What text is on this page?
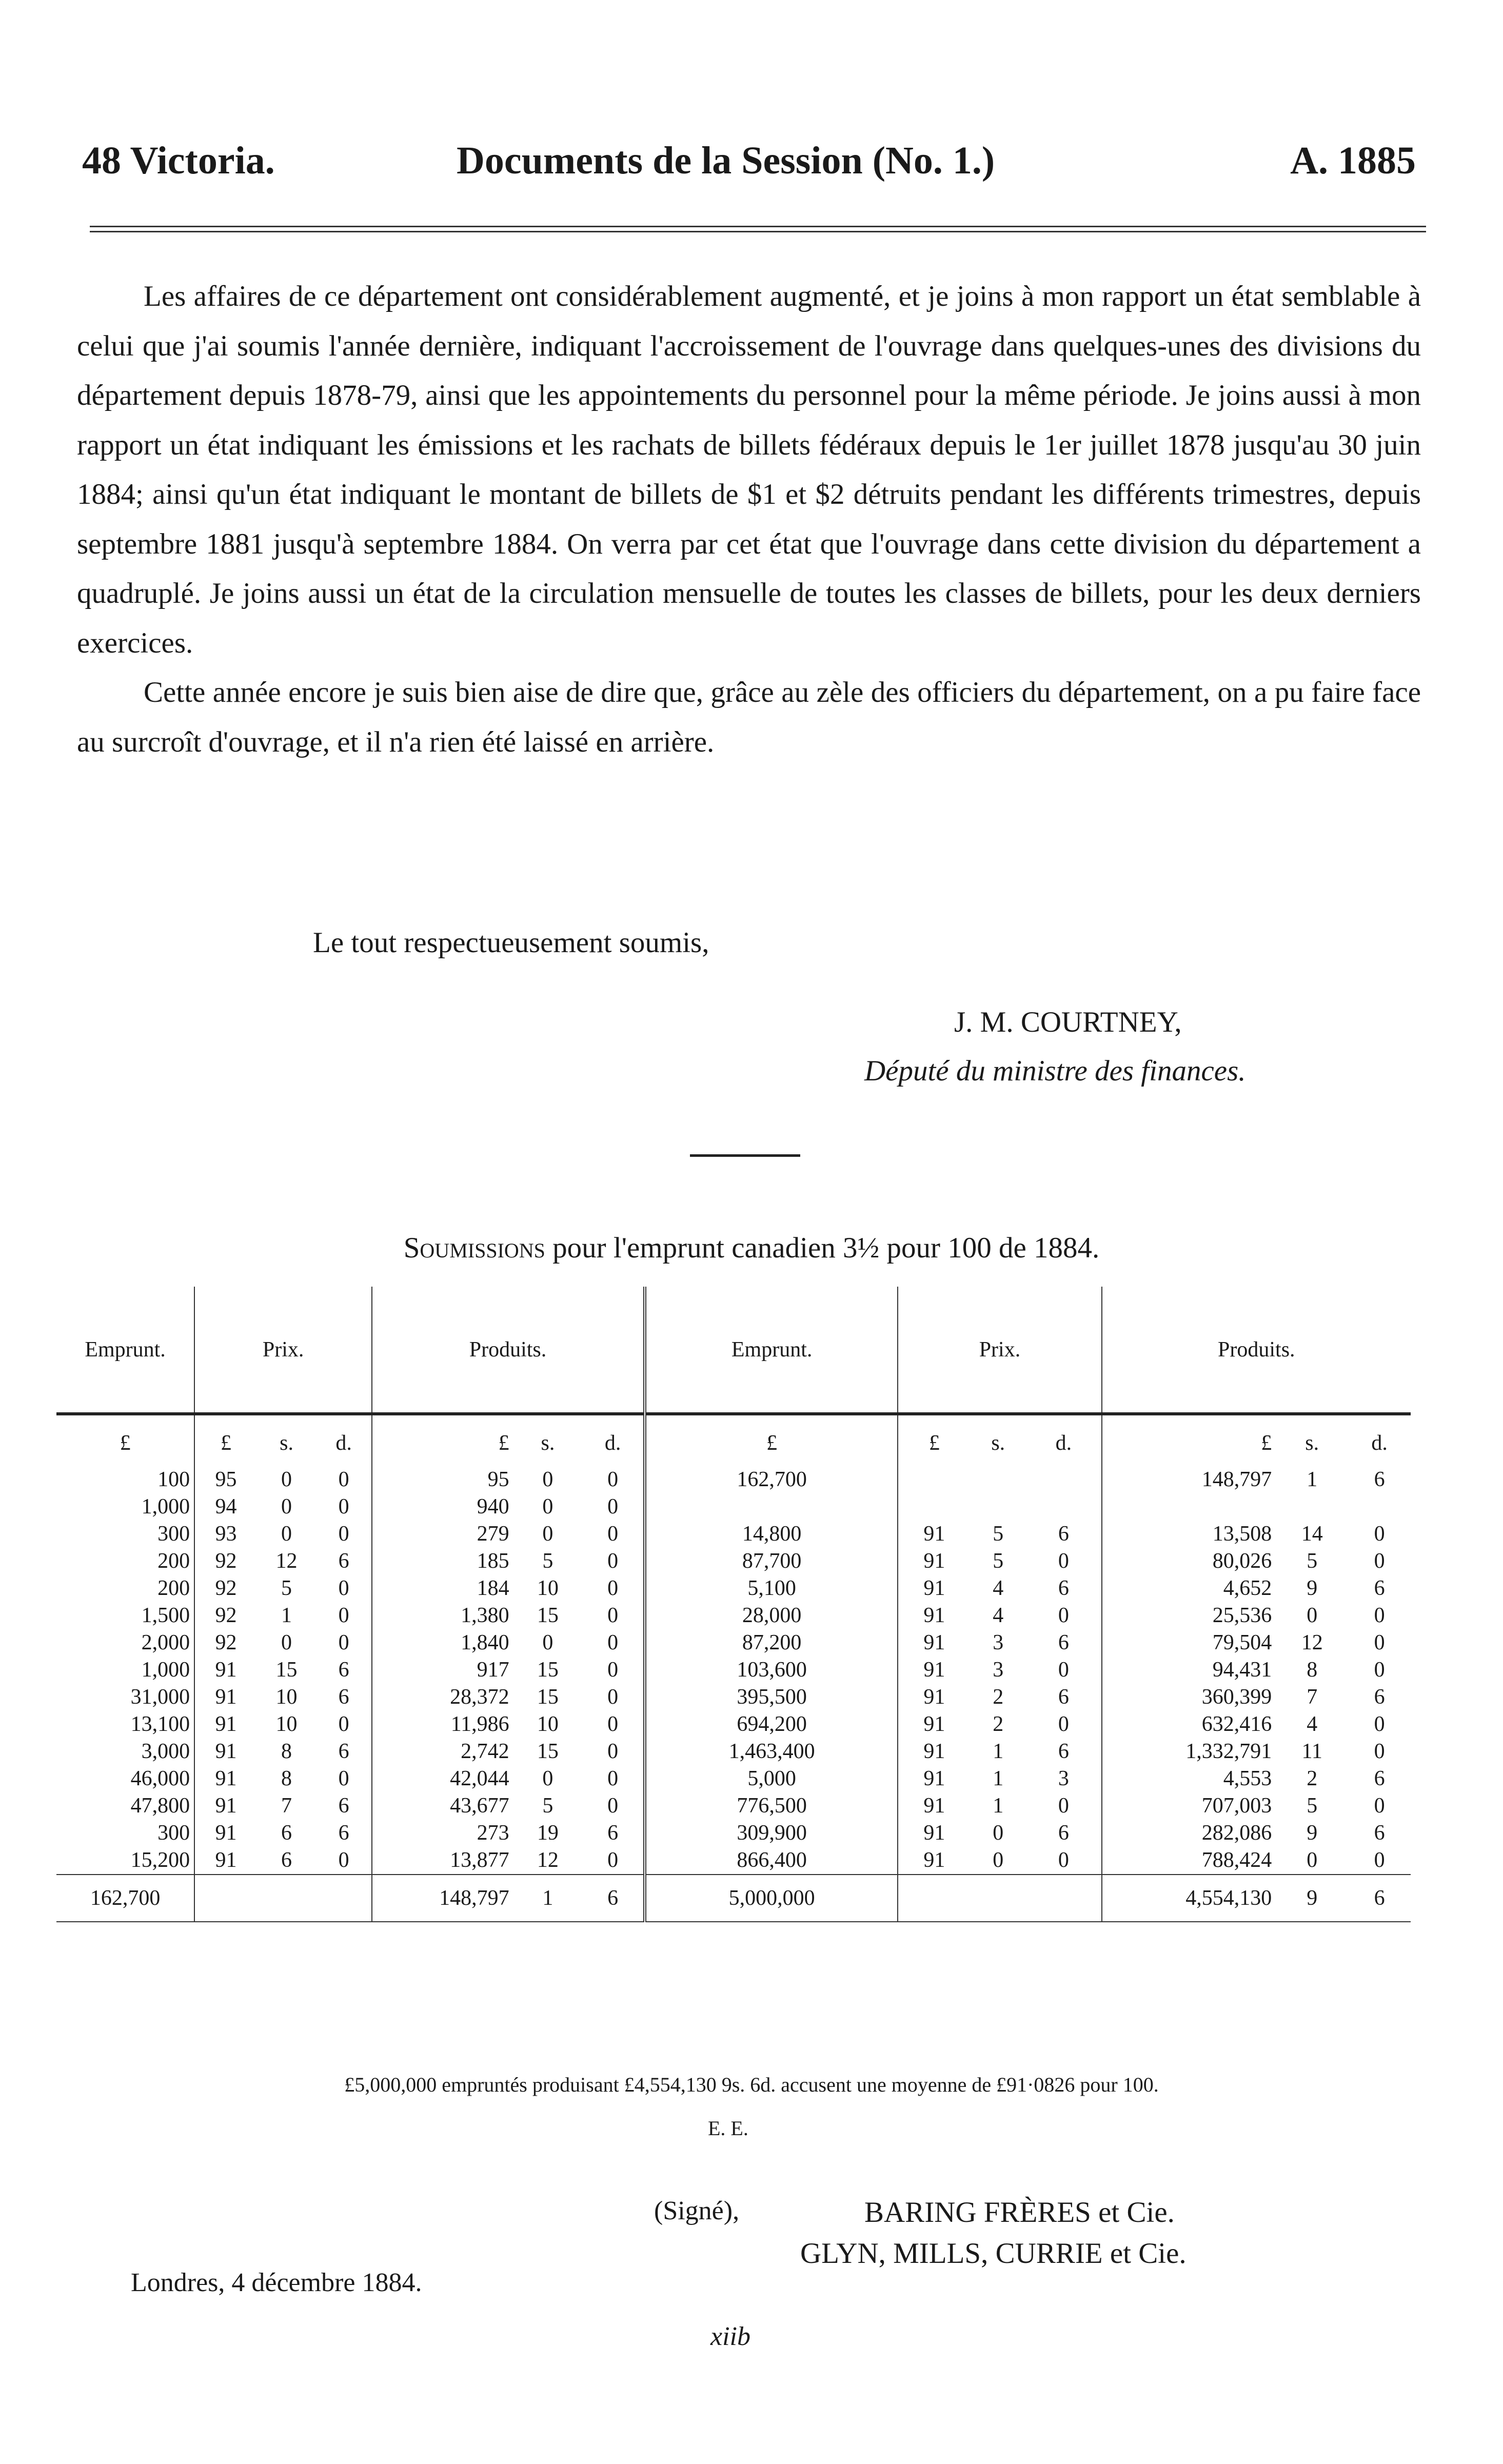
48 Victoria.	Documents de la Session (No. 1.)	A. 1885

Les affaires de ce département ont considérablement augmenté, et je joins à mon rapport un état semblable à celui que j'ai soumis l'année dernière, indiquant l'accroissement de l'ouvrage dans quelques-unes des divisions du département depuis 1878-79, ainsi que les appointements du personnel pour la même période. Je joins aussi à mon rapport un état indiquant les émissions et les rachats de billets fédéraux depuis le 1er juillet 1878 jusqu'au 30 juin 1884; ainsi qu'un état indiquant le montant de billets de $1 et $2 détruits pendant les différents trimestres, depuis septembre 1881 jusqu'à septembre 1884. On verra par cet état que l'ouvrage dans cette division du département a quadruplé. Je joins aussi un état de la circulation mensuelle de toutes les classes de billets, pour les deux derniers exercices.

Cette année encore je suis bien aise de dire que, grâce au zèle des officiers du département, on a pu faire face au surcroît d'ouvrage, et il n'a rien été laissé en arrière.

Le tout respectueusement soumis,
J. M. COURTNEY,
Député du ministre des finances.
Soumissions pour l'emprunt canadien 3½ pour 100 de 1884.

Emprunt.	Prix.			Produits.			Emprunt.	Prix.			Produits.		
£	£	s.	d.	£	s.	d.	£	£	s.	d.	£	s.	d.
100	95	0	0	95	0	0	162,700				148,797	1	6
1,000	94	0	0	940	0	0							
300	93	0	0	279	0	0	14,800	91	5	6	13,508	14	0
200	92	12	6	185	5	0	87,700	91	5	0	80,026	5	0
200	92	5	0	184	10	0	5,100	91	4	6	4,652	9	6
1,500	92	1	0	1,380	15	0	28,000	91	4	0	25,536	0	0
2,000	92	0	0	1,840	0	0	87,200	91	3	6	79,504	12	0
1,000	91	15	6	917	15	0	103,600	91	3	0	94,431	8	0
31,000	91	10	6	28,372	15	0	395,500	91	2	6	360,399	7	6
13,100	91	10	0	11,986	10	0	694,200	91	2	0	632,416	4	0
3,000	91	8	6	2,742	15	0	1,463,400	91	1	6	1,332,791	11	0
46,000	91	8	0	42,044	0	0	5,000	91	1	3	4,553	2	6
47,800	91	7	6	43,677	5	0	776,500	91	1	0	707,003	5	0
300	91	6	6	273	19	6	309,900	91	0	6	282,086	9	6
15,200	91	6	0	13,877	12	0	866,400	91	0	0	788,424	0	0
162,700				148,797	1	6	5,000,000				4,554,130	9	6

£5,000,000 empruntés produisant £4,554,130 9s. 6d. accusent une moyenne de £91·0826 pour 100.
E. E.
(Signé),	BARING FRÈRES et Cie.
GLYN, MILLS, CURRIE et Cie.
Londres, 4 décembre 1884.
xiib
